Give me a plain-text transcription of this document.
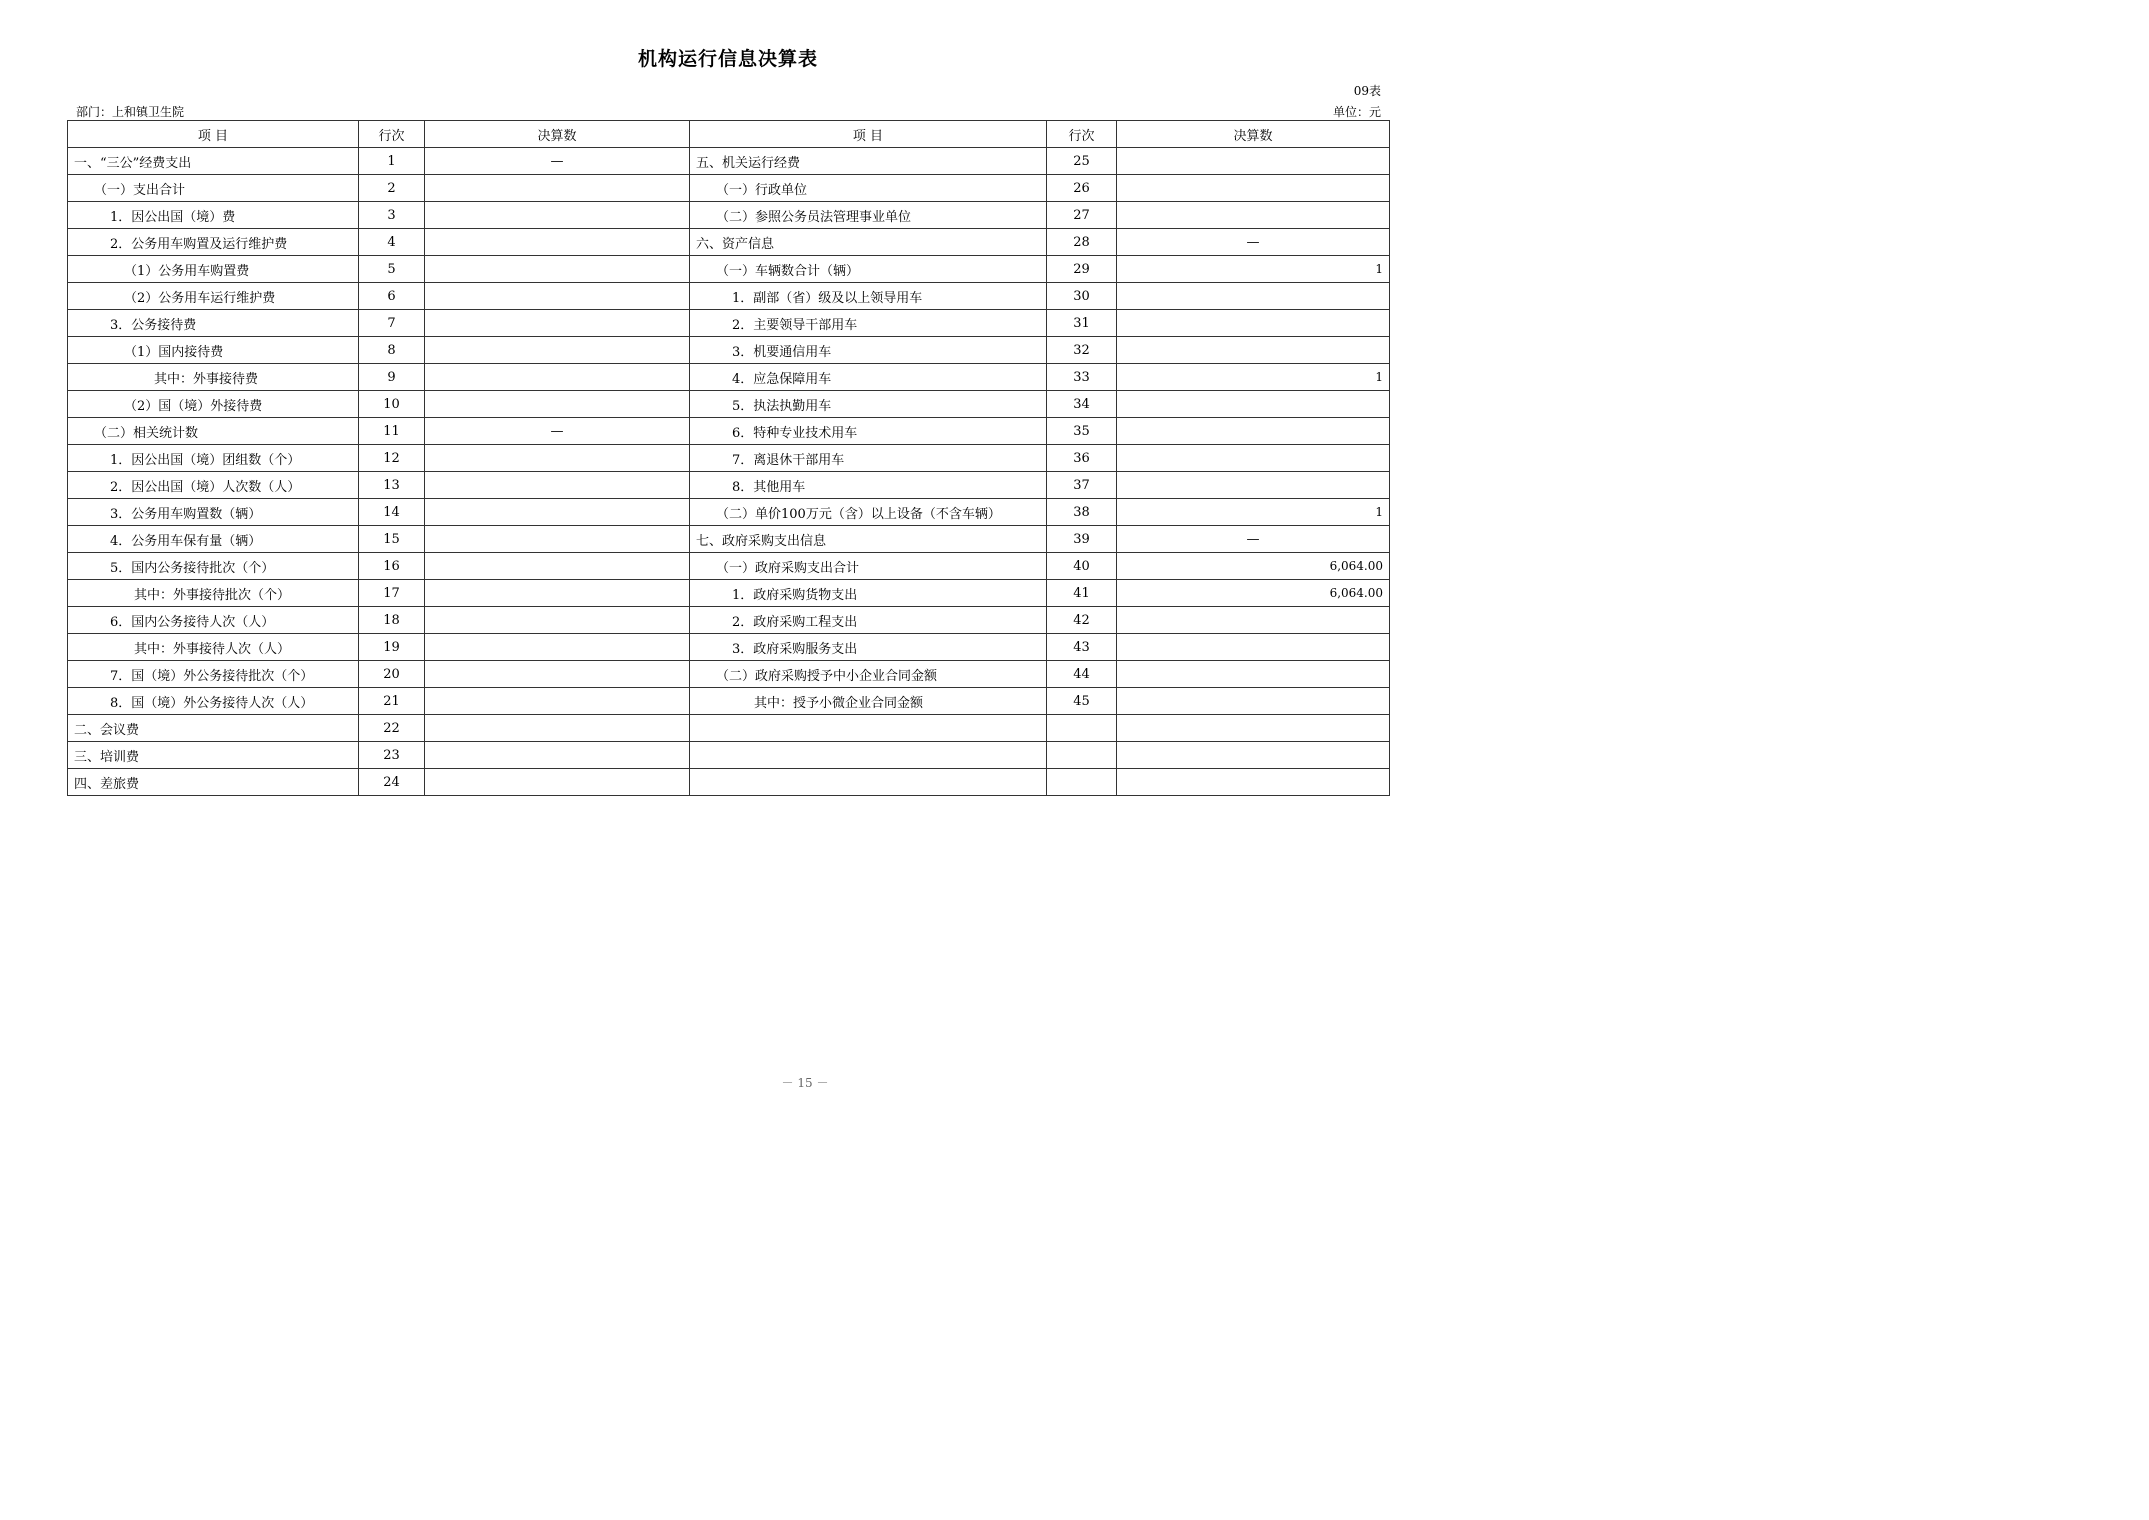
机构运行信息决算表
09表
部门：上和镇卫生院	单位：元
项 目	行次	决算数	项 目	行次	决算数
一、“三公”经费支出	1	—	五、机关运行经费	25	
（一）支出合计	2		（一）行政单位	26	
1．因公出国（境）费	3		（二）参照公务员法管理事业单位	27	
2．公务用车购置及运行维护费	4		六、资产信息	28	—
（1）公务用车购置费	5		（一）车辆数合计（辆）	29	1
（2）公务用车运行维护费	6		1．副部（省）级及以上领导用车	30	
3．公务接待费	7		2．主要领导干部用车	31	
（1）国内接待费	8		3．机要通信用车	32	
其中：外事接待费	9		4．应急保障用车	33	1
（2）国（境）外接待费	10		5．执法执勤用车	34	
（二）相关统计数	11	—	6．特种专业技术用车	35	
1．因公出国（境）团组数（个）	12		7．离退休干部用车	36	
2．因公出国（境）人次数（人）	13		8．其他用车	37	
3．公务用车购置数（辆）	14		（二）单价100万元（含）以上设备（不含车辆）	38	1
4．公务用车保有量（辆）	15		七、政府采购支出信息	39	—
5．国内公务接待批次（个）	16		（一）政府采购支出合计	40	6,064.00
其中：外事接待批次（个）	17		1．政府采购货物支出	41	6,064.00
6．国内公务接待人次（人）	18		2．政府采购工程支出	42	
其中：外事接待人次（人）	19		3．政府采购服务支出	43	
7．国（境）外公务接待批次（个）	20		（二）政府采购授予中小企业合同金额	44	
8．国（境）外公务接待人次（人）	21		其中：授予小微企业合同金额	45	
二、会议费	22				
三、培训费	23				
四、差旅费	24				
－ 15 －
